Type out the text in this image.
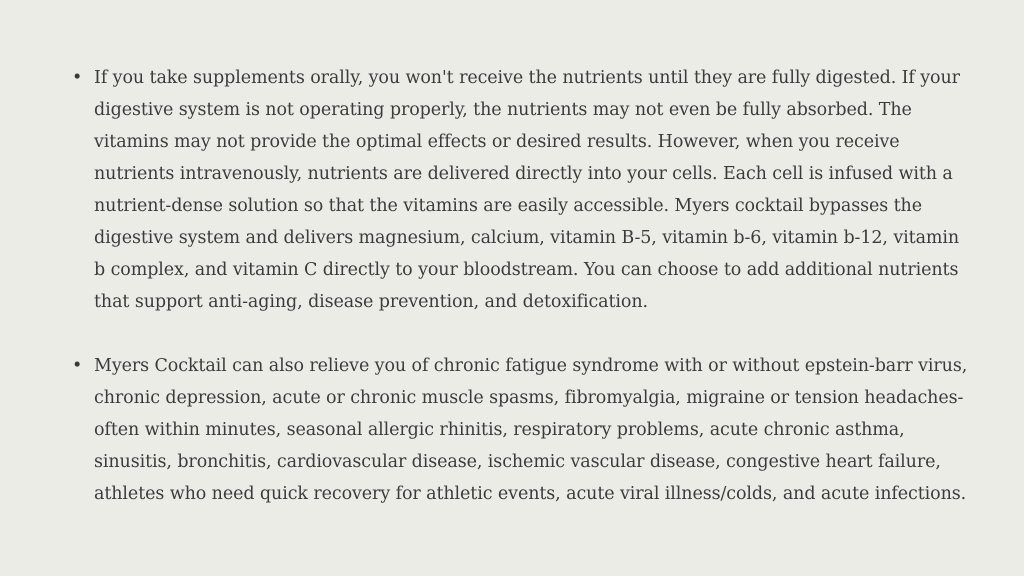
• If you take supplements orally, you won't receive the nutrients until they are fully digested. If your digestive system is not operating properly, the nutrients may not even be fully absorbed. The vitamins may not provide the optimal effects or desired results. However, when you receive nutrients intravenously, nutrients are delivered directly into your cells. Each cell is infused with a nutrient-dense solution so that the vitamins are easily accessible. Myers cocktail bypasses the digestive system and delivers magnesium, calcium, vitamin B-5, vitamin b-6, vitamin b-12, vitamin b complex, and vitamin C directly to your bloodstream. You can choose to add additional nutrients that support anti-aging, disease prevention, and detoxification.
• Myers Cocktail can also relieve you of chronic fatigue syndrome with or without epstein-barr virus, chronic depression, acute or chronic muscle spasms, fibromyalgia, migraine or tension headaches-often within minutes, seasonal allergic rhinitis, respiratory problems, acute chronic asthma, sinusitis, bronchitis, cardiovascular disease, ischemic vascular disease, congestive heart failure, athletes who need quick recovery for athletic events, acute viral illness/colds, and acute infections.
